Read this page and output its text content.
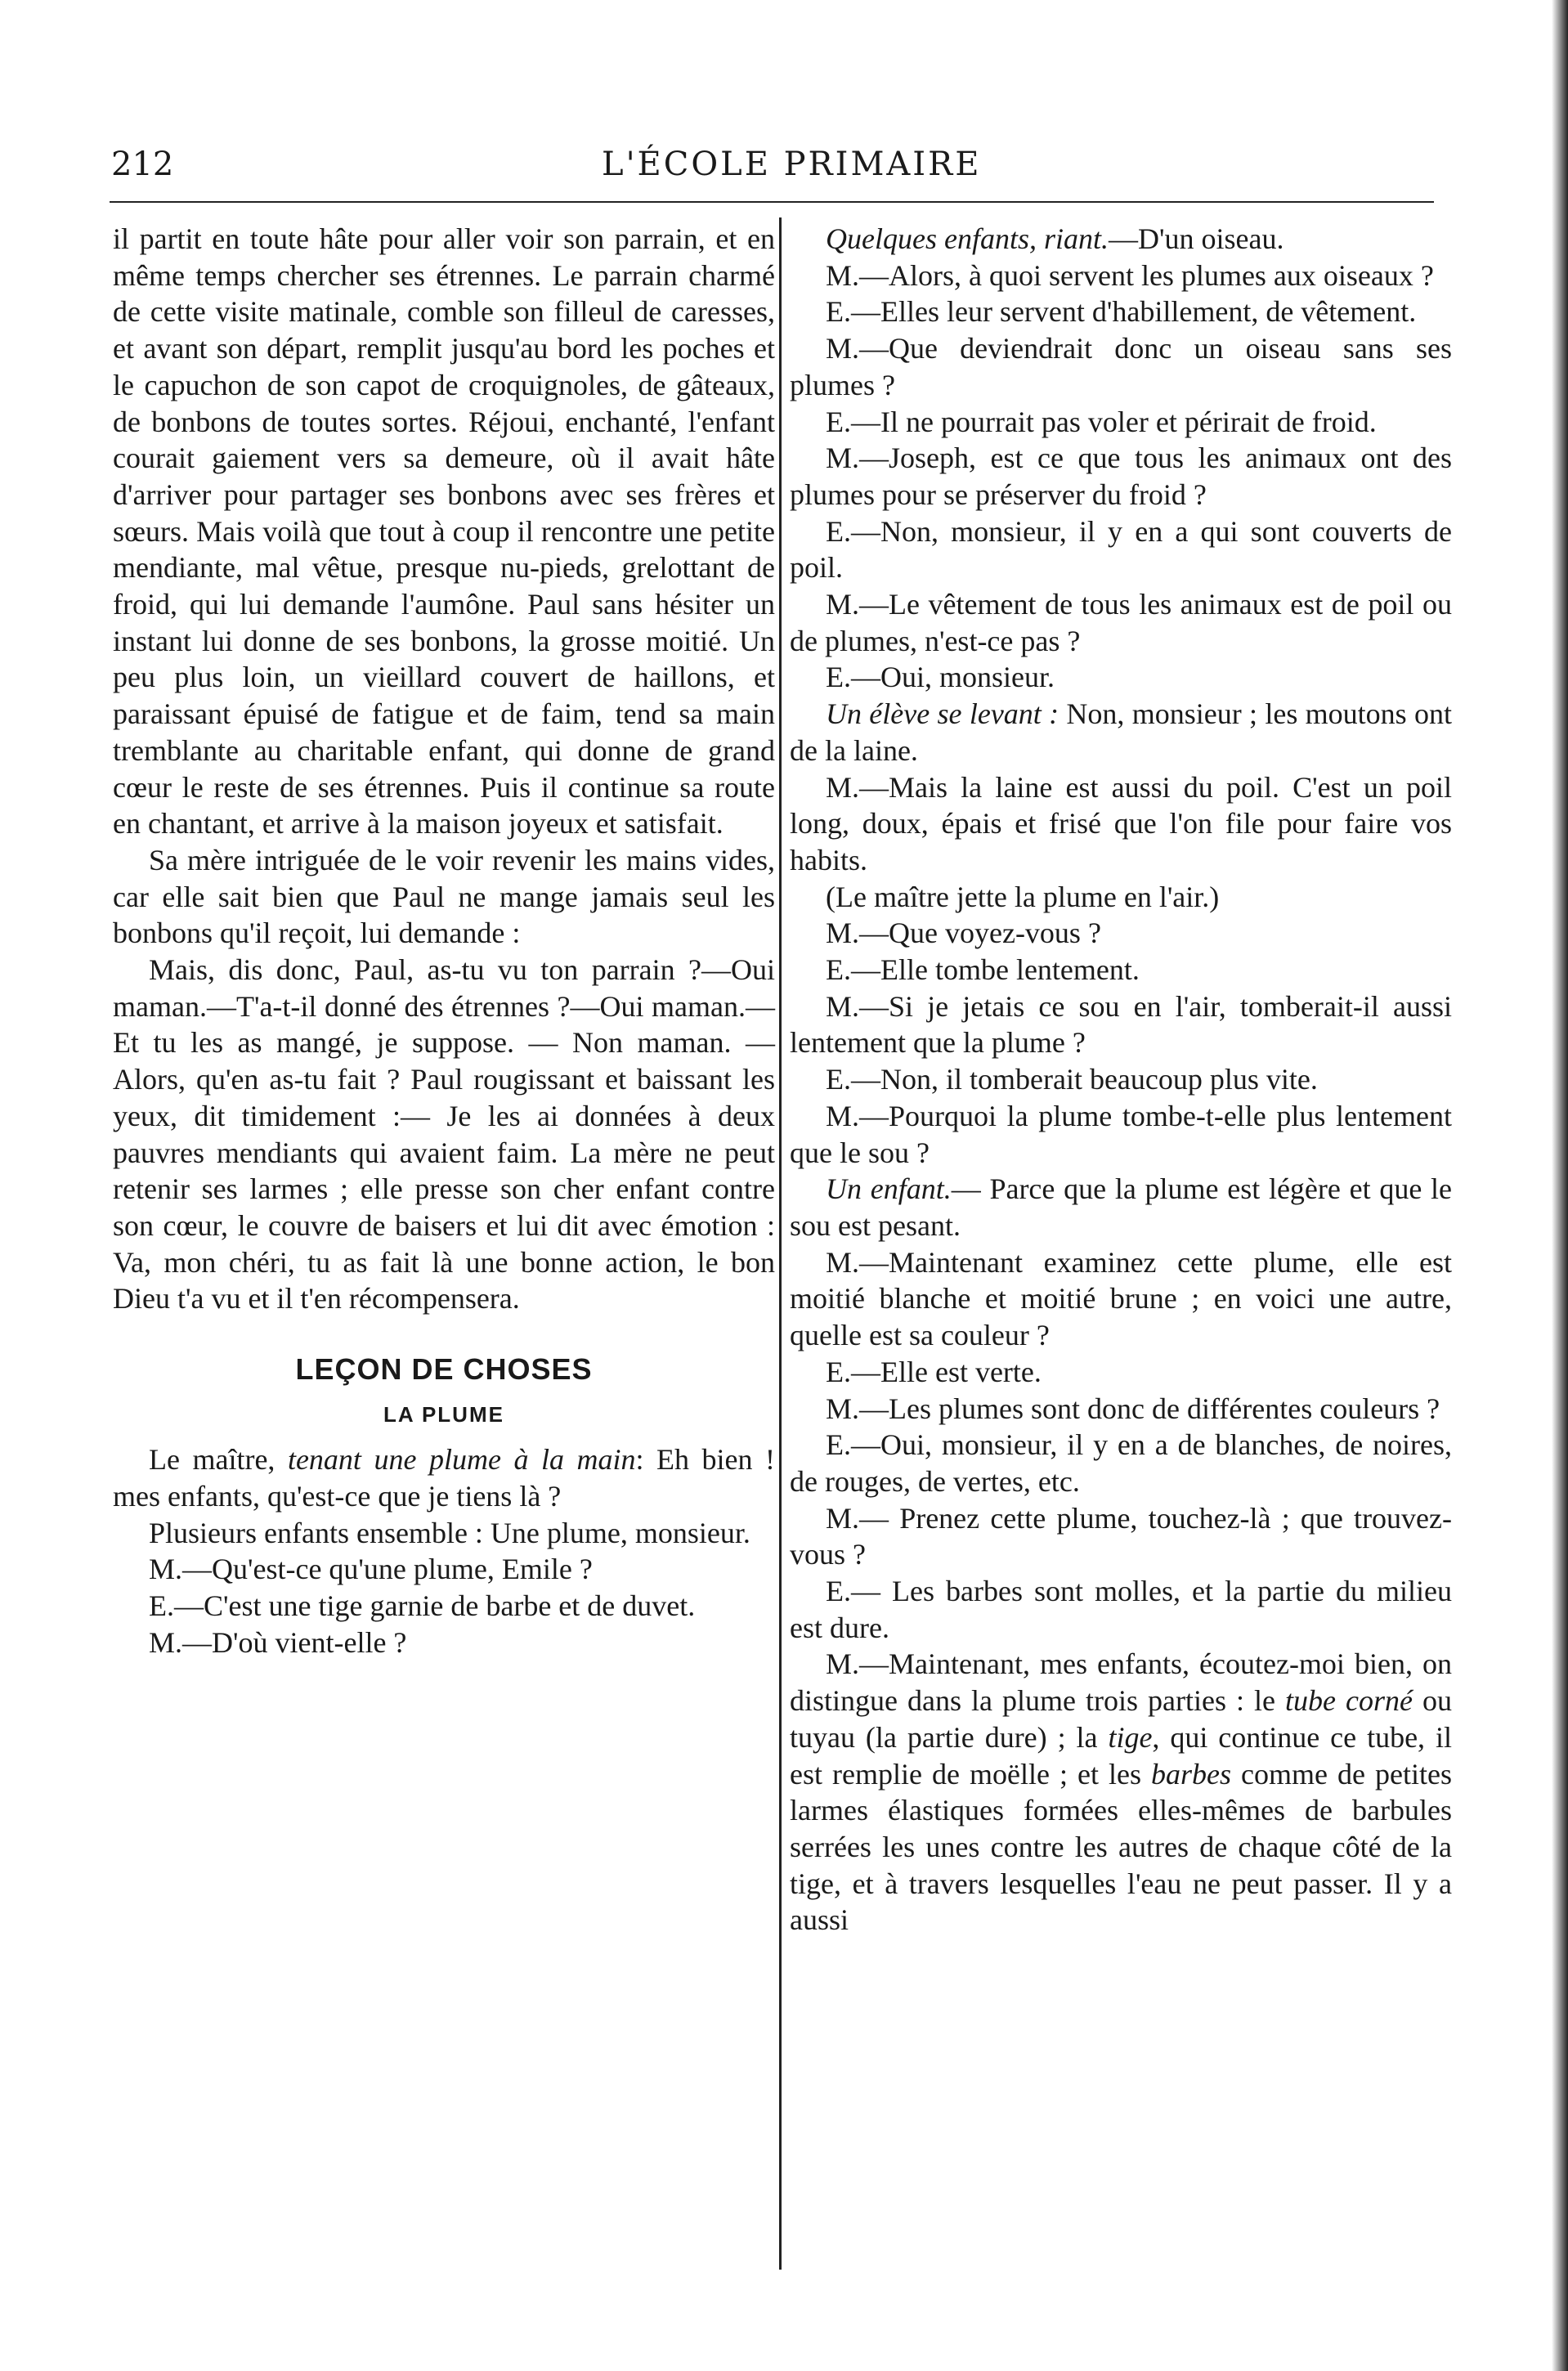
212	L'ÉCOLE PRIMAIRE

il partit en toute hâte pour aller voir son parrain, et en même temps chercher ses étrennes. Le parrain charmé de cette visite matinale, comble son filleul de caresses, et avant son départ, remplit jusqu'au bord les poches et le capuchon de son capot de croquignoles, de gâteaux, de bonbons de toutes sortes. Réjoui, enchanté, l'enfant courait gaiement vers sa demeure, où il avait hâte d'arriver pour partager ses bonbons avec ses frères et sœurs. Mais voilà que tout à coup il rencontre une petite mendiante, mal vêtue, presque nu-pieds, grelottant de froid, qui lui demande l'aumône. Paul sans hésiter un instant lui donne de ses bonbons, la grosse moitié. Un peu plus loin, un vieillard couvert de haillons, et paraissant épuisé de fatigue et de faim, tend sa main tremblante au charitable enfant, qui donne de grand cœur le reste de ses étrennes. Puis il continue sa route en chantant, et arrive à la maison joyeux et satisfait.

Sa mère intriguée de le voir revenir les mains vides, car elle sait bien que Paul ne mange jamais seul les bonbons qu'il reçoit, lui demande :

Mais, dis donc, Paul, as-tu vu ton parrain ?—Oui maman.—T'a-t-il donné des étrennes ?—Oui maman.—Et tu les as mangé, je suppose. — Non maman. — Alors, qu'en as-tu fait ? Paul rougissant et baissant les yeux, dit timidement :— Je les ai données à deux pauvres mendiants qui avaient faim. La mère ne peut retenir ses larmes ; elle presse son cher enfant contre son cœur, le couvre de baisers et lui dit avec émotion : Va, mon chéri, tu as fait là une bonne action, le bon Dieu t'a vu et il t'en récompensera.

LEÇON DE CHOSES
LA PLUME

Le maître, tenant une plume à la main: Eh bien ! mes enfants, qu'est-ce que je tiens là ?

Plusieurs enfants ensemble : Une plume, monsieur.

M.—Qu'est-ce qu'une plume, Emile ?

E.—C'est une tige garnie de barbe et de duvet.

M.—D'où vient-elle ?

Quelques enfants, riant.—D'un oiseau.

M.—Alors, à quoi servent les plumes aux oiseaux ?

E.—Elles leur servent d'habillement, de vêtement.

M.—Que deviendrait donc un oiseau sans ses plumes ?

E.—Il ne pourrait pas voler et périrait de froid.

M.—Joseph, est ce que tous les animaux ont des plumes pour se préserver du froid ?

E.—Non, monsieur, il y en a qui sont couverts de poil.

M.—Le vêtement de tous les animaux est de poil ou de plumes, n'est-ce pas ?

E.—Oui, monsieur.

Un élève se levant : Non, monsieur ; les moutons ont de la laine.

M.—Mais la laine est aussi du poil. C'est un poil long, doux, épais et frisé que l'on file pour faire vos habits.

(Le maître jette la plume en l'air.)

M.—Que voyez-vous ?

E.—Elle tombe lentement.

M.—Si je jetais ce sou en l'air, tomberait-il aussi lentement que la plume ?

E.—Non, il tomberait beaucoup plus vite.

M.—Pourquoi la plume tombe-t-elle plus lentement que le sou ?

Un enfant.— Parce que la plume est légère et que le sou est pesant.

M.—Maintenant examinez cette plume, elle est moitié blanche et moitié brune ; en voici une autre, quelle est sa couleur ?

E.—Elle est verte.

M.—Les plumes sont donc de différentes couleurs ?

E.—Oui, monsieur, il y en a de blanches, de noires, de rouges, de vertes, etc.

M.— Prenez cette plume, touchez-là ; que trouvez-vous ?

E.— Les barbes sont molles, et la partie du milieu est dure.

M.—Maintenant, mes enfants, écoutez-moi bien, on distingue dans la plume trois parties : le tube corné ou tuyau (la partie dure) ; la tige, qui continue ce tube, il est remplie de moëlle ; et les barbes comme de petites larmes élastiques formées elles-mêmes de barbules serrées les unes contre les autres de chaque côté de la tige, et à travers lesquelles l'eau ne peut passer. Il y a aussi
